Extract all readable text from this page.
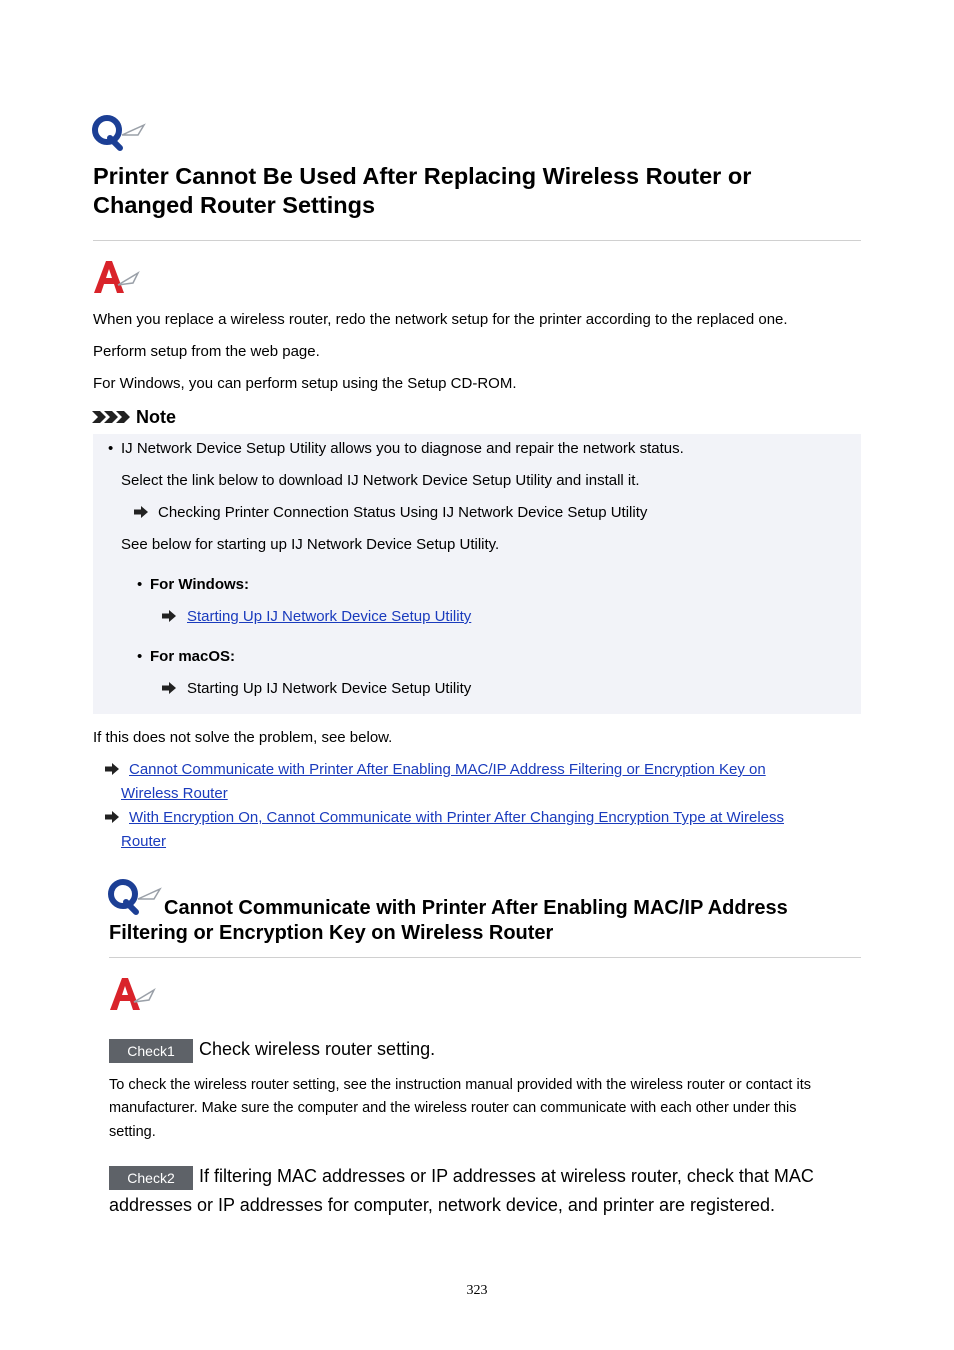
Printer Cannot Be Used After Replacing Wireless Router or
Changed Router Settings
When you replace a wireless router, redo the network setup for the printer according to the replaced one.
Perform setup from the web page.
For Windows, you can perform setup using the Setup CD-ROM.
Note
• IJ Network Device Setup Utility allows you to diagnose and repair the network status.
Select the link below to download IJ Network Device Setup Utility and install it.
Checking Printer Connection Status Using IJ Network Device Setup Utility
See below for starting up IJ Network Device Setup Utility.
• For Windows:
Starting Up IJ Network Device Setup Utility
• For macOS:
Starting Up IJ Network Device Setup Utility
If this does not solve the problem, see below.
Cannot Communicate with Printer After Enabling MAC/IP Address Filtering or Encryption Key on
Wireless Router
With Encryption On, Cannot Communicate with Printer After Changing Encryption Type at Wireless
Router
Cannot Communicate with Printer After Enabling MAC/IP Address
Filtering or Encryption Key on Wireless Router
Check1	Check wireless router setting.
To check the wireless router setting, see the instruction manual provided with the wireless router or contact its
manufacturer. Make sure the computer and the wireless router can communicate with each other under this
setting.
Check2	If filtering MAC addresses or IP addresses at wireless router, check that MAC
addresses or IP addresses for computer, network device, and printer are registered.
323
